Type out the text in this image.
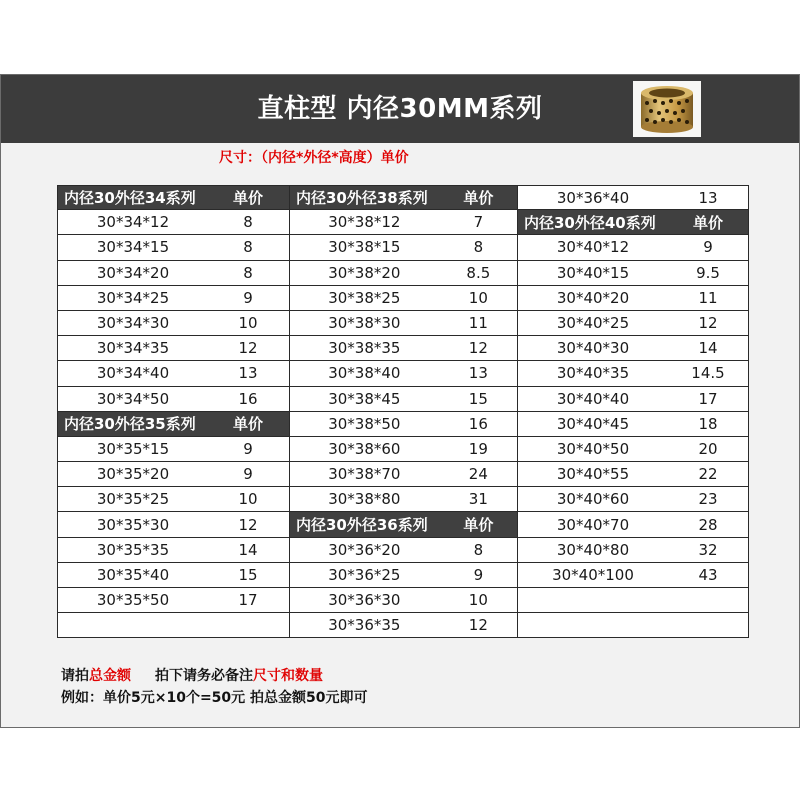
直柱型 内径30MM系列
尺寸：（内径*外径*高度）单价
内径30外径34系列	单价
30*34*12	8
30*34*15	8
30*34*20	8
30*34*25	9
30*34*30	10
30*34*35	12
30*34*40	13
30*34*50	16
内径30外径35系列	单价
30*35*15	9
30*35*20	9
30*35*25	10
30*35*30	12
30*35*35	14
30*35*40	15
30*35*50	17
内径30外径38系列	单价
30*38*12	7
30*38*15	8
30*38*20	8.5
30*38*25	10
30*38*30	11
30*38*35	12
30*38*40	13
30*38*45	15
30*38*50	16
30*38*60	19
30*38*70	24
30*38*80	31
内径30外径36系列	单价
30*36*20	8
30*36*25	9
30*36*30	10
30*36*35	12
30*36*40	13
内径30外径40系列	单价
30*40*12	9
30*40*15	9.5
30*40*20	11
30*40*25	12
30*40*30	14
30*40*35	14.5
30*40*40	17
30*40*45	18
30*40*50	20
30*40*55	22
30*40*60	23
30*40*70	28
30*40*80	32
30*40*100	43
请拍总金额 拍下请务必备注尺寸和数量
例如：单价5元×10个=50元 拍总金额50元即可
